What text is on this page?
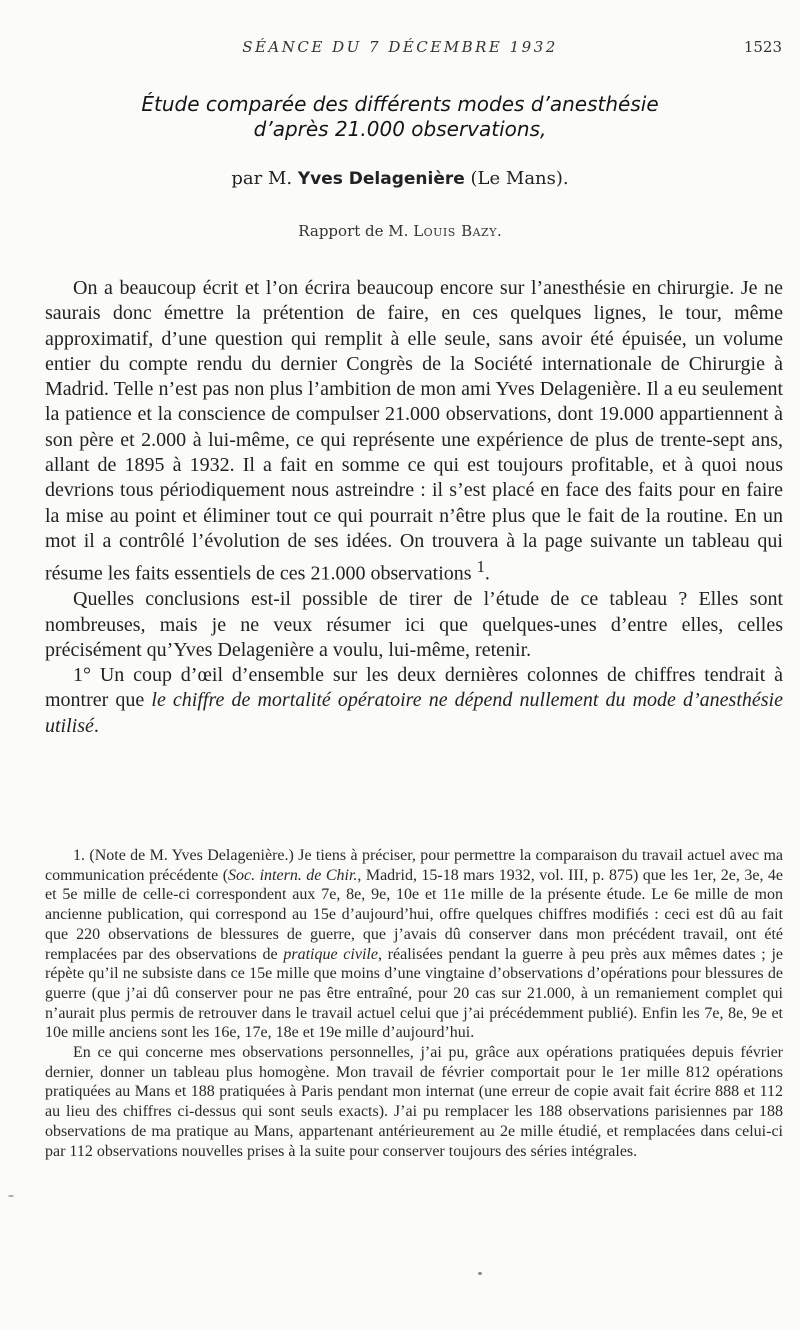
SÉANCE DU 7 DÉCEMBRE 1932	1523
Étude comparée des différents modes d’anesthésie
d’après 21.000 observations,
par M. Yves Delagenière (Le Mans).
Rapport de M. Louis Bazy.

On a beaucoup écrit et l’on écrira beaucoup encore sur l’anesthésie en chirurgie. Je ne saurais donc émettre la prétention de faire, en ces quelques lignes, le tour, même approximatif, d’une question qui remplit à elle seule, sans avoir été épuisée, un volume entier du compte rendu du dernier Congrès de la Société internationale de Chirurgie à Madrid. Telle n’est pas non plus l’ambition de mon ami Yves Delagenière. Il a eu seulement la patience et la conscience de compulser 21.000 observations, dont 19.000 appartiennent à son père et 2.000 à lui-même, ce qui représente une expérience de plus de trente-sept ans, allant de 1895 à 1932. Il a fait en somme ce qui est toujours profitable, et à quoi nous devrions tous périodiquement nous astreindre : il s’est placé en face des faits pour en faire la mise au point et éliminer tout ce qui pourrait n’être plus que le fait de la routine. En un mot il a contrôlé l’évolution de ses idées. On trouvera à la page suivante un tableau qui résume les faits essentiels de ces 21.000 observations $^1$.

Quelles conclusions est-il possible de tirer de l’étude de ce tableau ? Elles sont nombreuses, mais je ne veux résumer ici que quelques-unes d’entre elles, celles précisément qu’Yves Delagenière a voulu, lui-même, retenir.

1° Un coup d’œil d’ensemble sur les deux dernières colonnes de chiffres tendrait à montrer que le chiffre de mortalité opératoire ne dépend nullement du mode d’anesthésie utilisé.

1. (Note de M. Yves Delagenière.) Je tiens à préciser, pour permettre la comparaison du travail actuel avec ma communication précédente (Soc. intern. de Chir., Madrid, 15-18 mars 1932, vol. III, p. 875) que les 1er, 2e, 3e, 4e et 5e mille de celle-ci correspondent aux 7e, 8e, 9e, 10e et 11e mille de la présente étude. Le 6e mille de mon ancienne publication, qui correspond au 15e d’aujourd’hui, offre quelques chiffres modifiés : ceci est dû au fait que 220 observations de blessures de guerre, que j’avais dû conserver dans mon précédent travail, ont été remplacées par des observations de pratique civile, réalisées pendant la guerre à peu près aux mêmes dates ; je répète qu’il ne subsiste dans ce 15e mille que moins d’une vingtaine d’observations d’opérations pour blessures de guerre (que j’ai dû conserver pour ne pas être entraîné, pour 20 cas sur 21.000, à un remaniement complet qui n’aurait plus permis de retrouver dans le travail actuel celui que j’ai précédemment publié). Enfin les 7e, 8e, 9e et 10e mille anciens sont les 16e, 17e, 18e et 19e mille d’aujourd’hui.

En ce qui concerne mes observations personnelles, j’ai pu, grâce aux opérations pratiquées depuis février dernier, donner un tableau plus homogène. Mon travail de février comportait pour le 1er mille 812 opérations pratiquées au Mans et 188 pratiquées à Paris pendant mon internat (une erreur de copie avait fait écrire 888 et 112 au lieu des chiffres ci-dessus qui sont seuls exacts). J’ai pu remplacer les 188 observations parisiennes par 188 observations de ma pratique au Mans, appartenant antérieurement au 2e mille étudié, et remplacées dans celui-ci par 112 observations nouvelles prises à la suite pour conserver toujours des séries intégrales.
